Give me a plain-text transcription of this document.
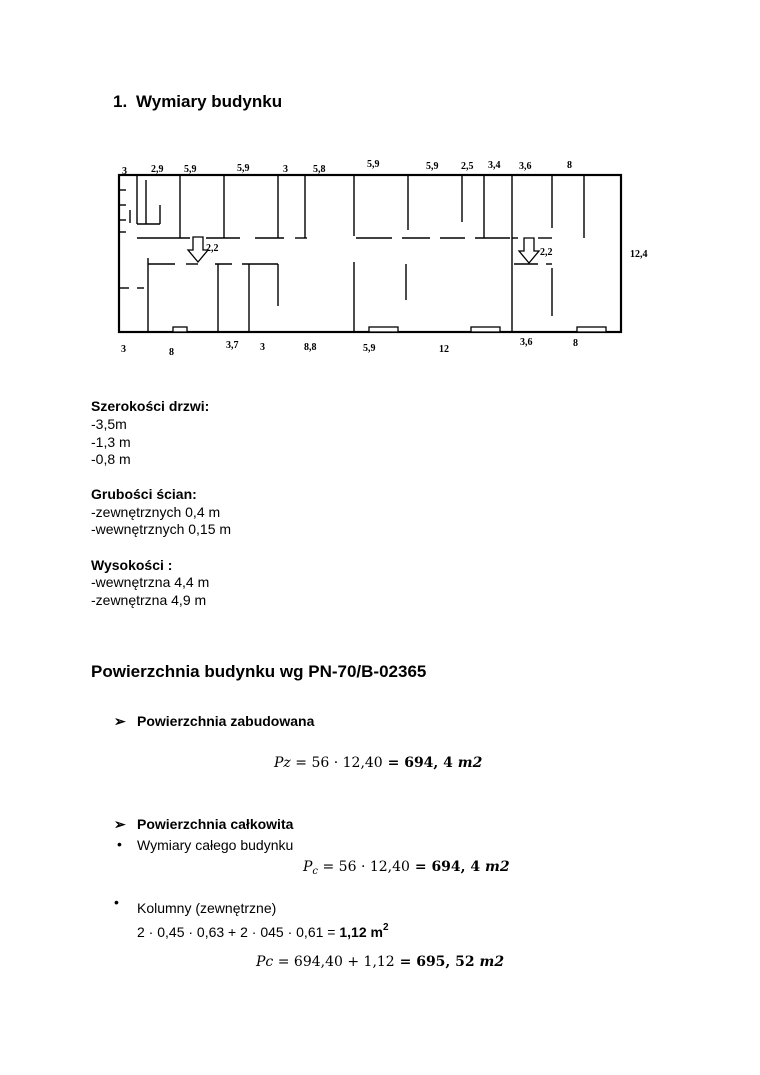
1. Wymiary budynku
3 2,9 5,9	5,9	3	5,8	5,9	5,9 2,5 3,4 3,6	8
3	8
3,7 3	8,8	5,9	12
3,6	8
12,4
2,2	2,2
Szerokości drzwi:
-3,5m
-1,3 m
-0,8 m
Grubości ścian:
-zewnętrznych 0,4 m
-wewnętrznych 0,15 m
Wysokości :
-wewnętrzna 4,4 m
-zewnętrzna 4,9 m
Powierzchnia budynku wg PN-70/B-02365
➢ Powierzchnia zabudowana
Pz = 56 · 12,40 = 694, 4 m2
➢ Powierzchnia całkowita
• Wymiary całego budynku
$P_c = 56 \cdot 12,40 = 694$, 4 m2
• Kolumny (zewnętrzne)
2 · 0,45 · 0,63 + 2 · 045 · 0,61 = 1,12 $m^2$
Pc = 694,40 + 1,12 = 695, 52 m2
